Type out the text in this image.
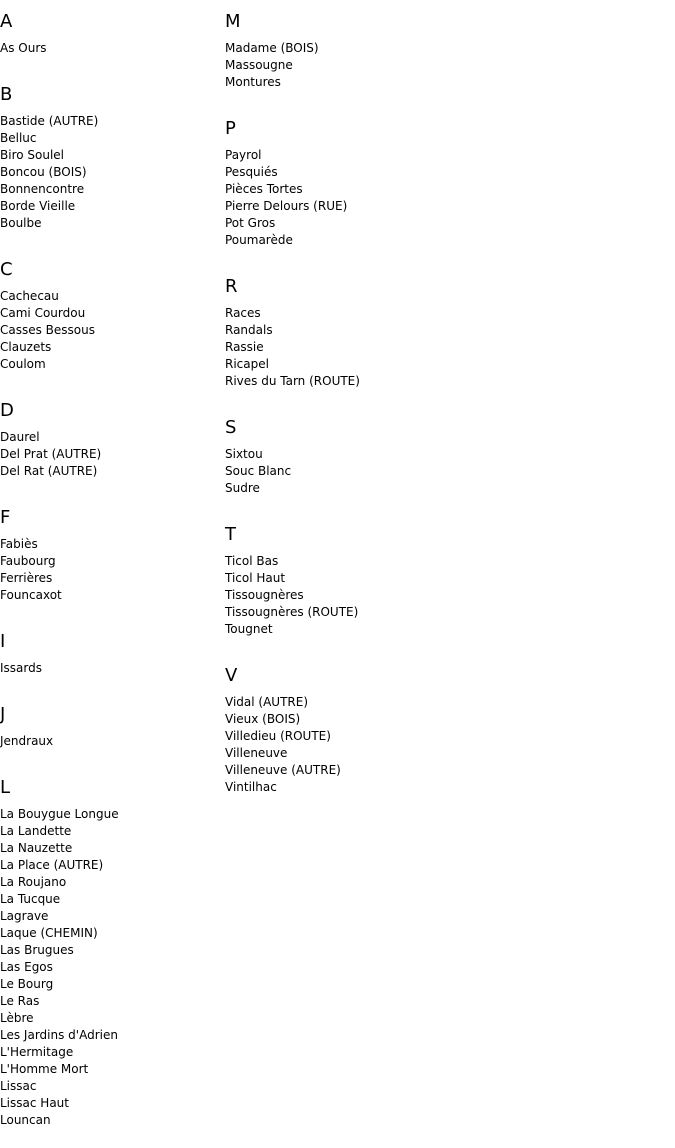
A
As Ours
B
Bastide (AUTRE)
Belluc
Biro Soulel
Boncou (BOIS)
Bonnencontre
Borde Vieille
Boulbe
C
Cachecau
Cami Courdou
Casses Bessous
Clauzets
Coulom
D
Daurel
Del Prat (AUTRE)
Del Rat (AUTRE)
F
Fabiès
Faubourg
Ferrières
Founcaxot
I
Issards
J
Jendraux
L
La Bouygue Longue
La Landette
La Nauzette
La Place (AUTRE)
La Roujano
La Tucque
Lagrave
Laque (CHEMIN)
Las Brugues
Las Egos
Le Bourg
Le Ras
Lèbre
Les Jardins d'Adrien
L'Hermitage
L'Homme Mort
Lissac
Lissac Haut
Louncan
M
Madame (BOIS)
Massougne
Montures
P
Payrol
Pesquiés
Pièces Tortes
Pierre Delours (RUE)
Pot Gros
Poumarède
R
Races
Randals
Rassie
Ricapel
Rives du Tarn (ROUTE)
S
Sixtou
Souc Blanc
Sudre
T
Ticol Bas
Ticol Haut
Tissougnères
Tissougnères (ROUTE)
Tougnet
V
Vidal (AUTRE)
Vieux (BOIS)
Villedieu (ROUTE)
Villeneuve
Villeneuve (AUTRE)
Vintilhac
